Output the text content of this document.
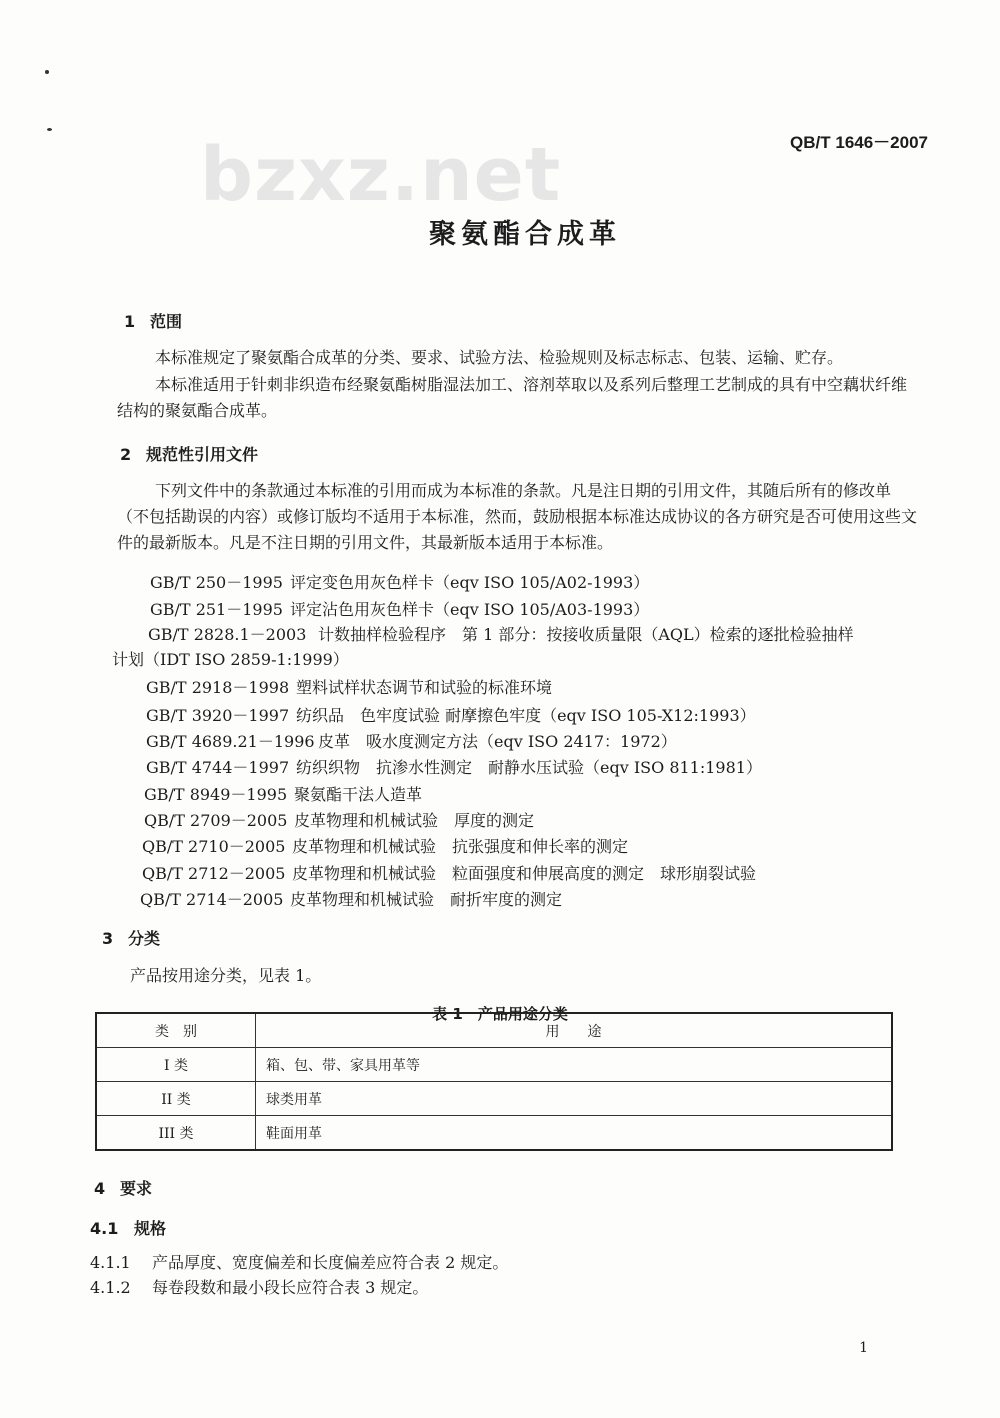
bzxz.net	QB/T 1646－2007
聚氨酯合成革
1 范围
本标准规定了聚氨酯合成革的分类、要求、试验方法、检验规则及标志标志、包装、运输、贮存。
本标准适用于针刺非织造布经聚氨酯树脂湿法加工、溶剂萃取以及系列后整理工艺制成的具有中空藕状纤维结构的聚氨酯合成革。
2 规范性引用文件
下列文件中的条款通过本标准的引用而成为本标准的条款。凡是注日期的引用文件，其随后所有的修改单（不包括勘误的内容）或修订版均不适用于本标准，然而，鼓励根据本标准达成协议的各方研究是否可使用这些文件的最新版本。凡是不注日期的引用文件，其最新版本适用于本标准。
GB/T 250－1995 评定变色用灰色样卡（eqv ISO 105/A02-1993）
GB/T 251－1995 评定沾色用灰色样卡（eqv ISO 105/A03-1993）
GB/T 2828.1－2003 计数抽样检验程序　第 1 部分：按接收质量限（AQL）检索的逐批检验抽样
计划（IDT ISO 2859-1:1999）
GB/T 2918－1998 塑料试样状态调节和试验的标准环境
GB/T 3920－1997 纺织品　色牢度试验 耐摩擦色牢度（eqv ISO 105-X12:1993）
GB/T 4689.21－1996 皮革　吸水度测定方法（eqv ISO 2417：1972）
GB/T 4744－1997 纺织织物　抗渗水性测定　耐静水压试验（eqv ISO 811:1981）
GB/T 8949－1995 聚氨酯干法人造革
QB/T 2709－2005 皮革物理和机械试验　厚度的测定
QB/T 2710－2005 皮革物理和机械试验　抗张强度和伸长率的测定
QB/T 2712－2005 皮革物理和机械试验　粒面强度和伸展高度的测定　球形崩裂试验
QB/T 2714－2005 皮革物理和机械试验　耐折牢度的测定
3 分类
产品按用途分类，见表 1。
表 1　产品用途分类
类　别	用　　途
I 类	箱、包、带、家具用革等
II 类	球类用革
III 类	鞋面用革
4 要求
4.1 规格
4.1.1 产品厚度、宽度偏差和长度偏差应符合表 2 规定。
4.1.2 每卷段数和最小段长应符合表 3 规定。
1
